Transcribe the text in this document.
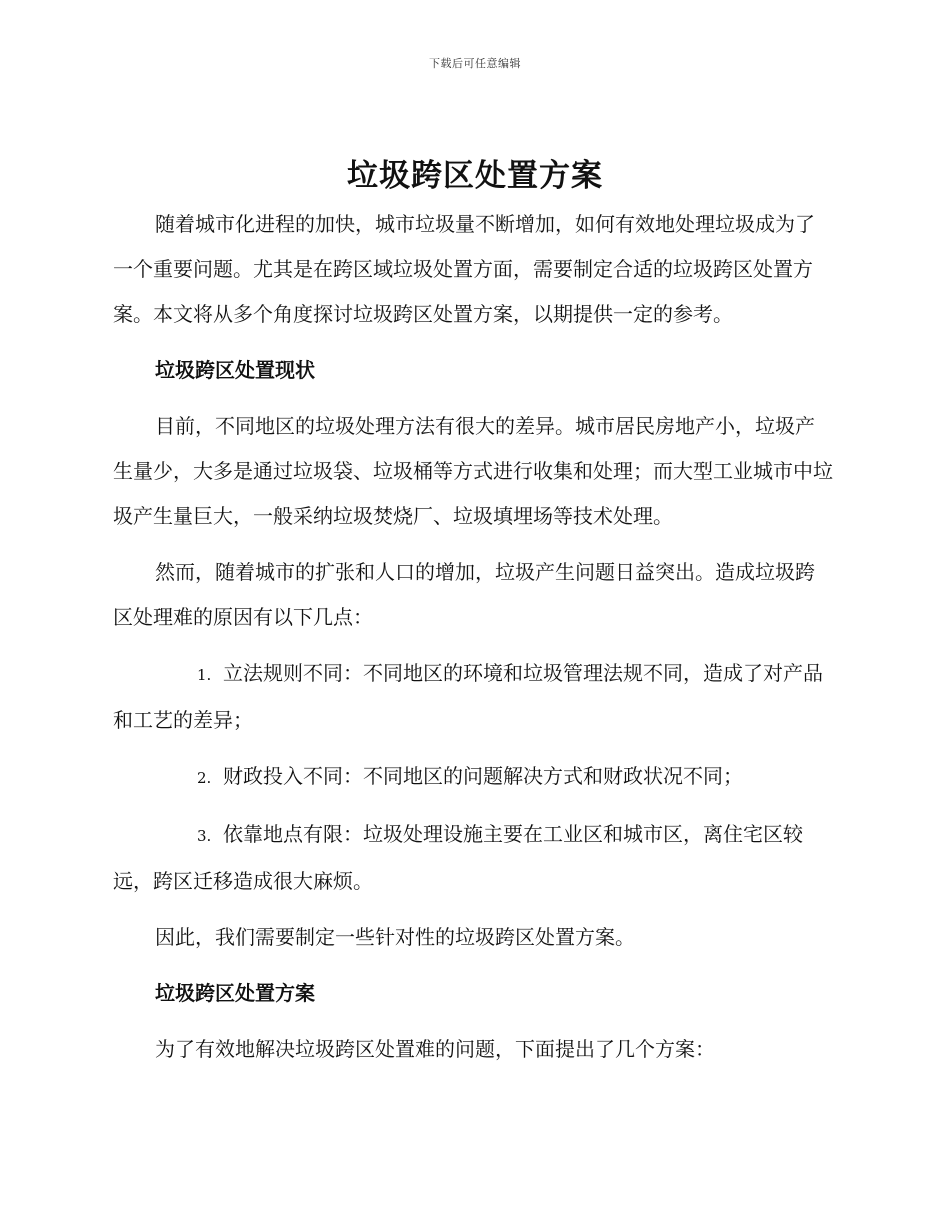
下载后可任意编辑
垃圾跨区处置方案

随着城市化进程的加快，城市垃圾量不断增加，如何有效地处理垃圾成为了一个重要问题。尤其是在跨区域垃圾处置方面，需要制定合适的垃圾跨区处置方案。本文将从多个角度探讨垃圾跨区处置方案，以期提供一定的参考。

垃圾跨区处置现状

目前，不同地区的垃圾处理方法有很大的差异。城市居民房地产小，垃圾产生量少，大多是通过垃圾袋、垃圾桶等方式进行收集和处理；而大型工业城市中垃圾产生量巨大，一般采纳垃圾焚烧厂、垃圾填埋场等技术处理。

然而，随着城市的扩张和人口的增加，垃圾产生问题日益突出。造成垃圾跨区处理难的原因有以下几点：

1. 立法规则不同：不同地区的环境和垃圾管理法规不同，造成了对产品和工艺的差异；

2. 财政投入不同：不同地区的问题解决方式和财政状况不同；

3. 依靠地点有限：垃圾处理设施主要在工业区和城市区，离住宅区较远，跨区迁移造成很大麻烦。

因此，我们需要制定一些针对性的垃圾跨区处置方案。

垃圾跨区处置方案

为了有效地解决垃圾跨区处置难的问题，下面提出了几个方案：
